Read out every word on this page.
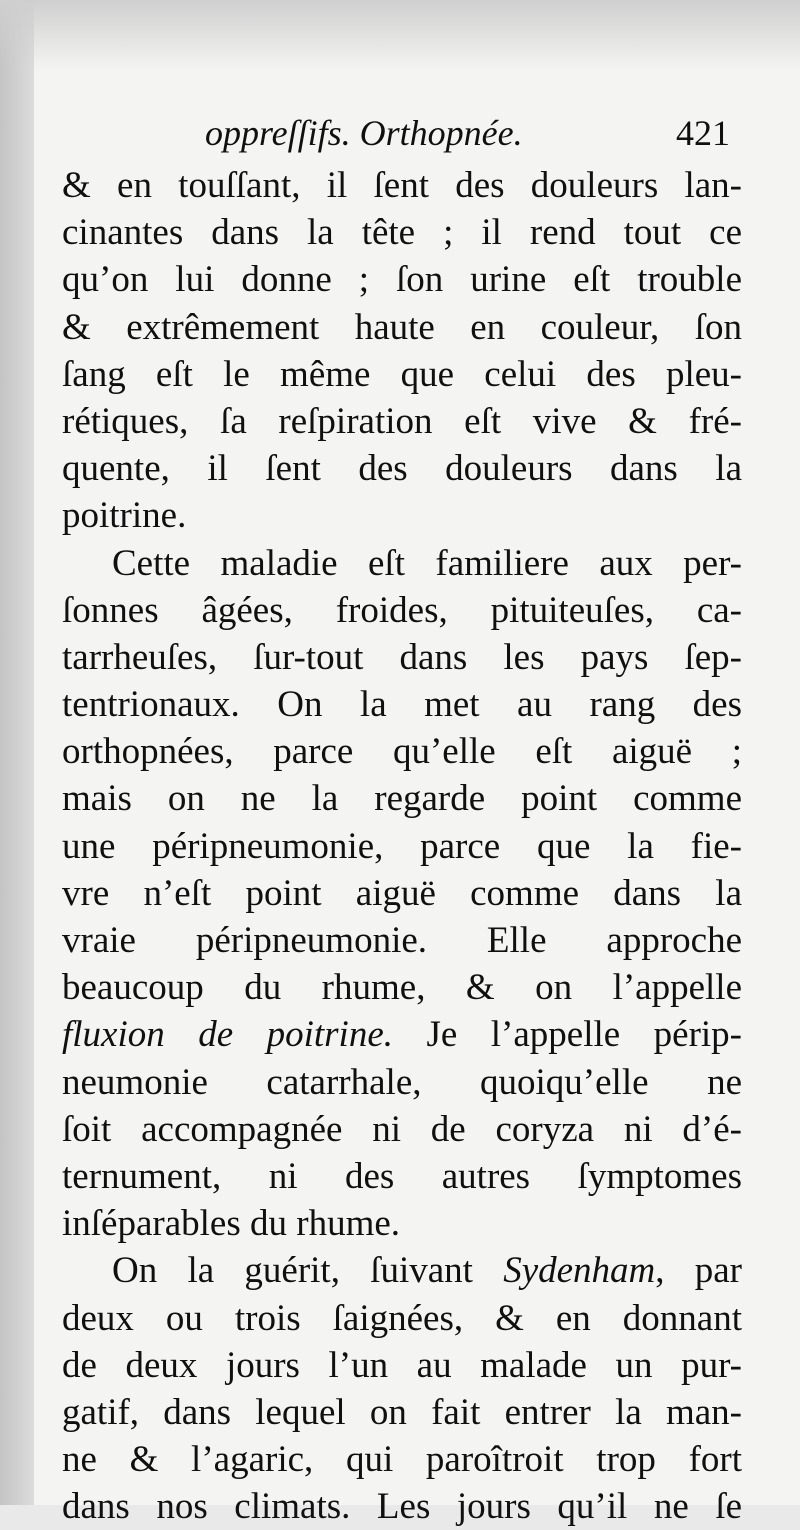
oppreſſifs. Orthopnée.	421
& en touſſant, il ſent des douleurs lan-
cinantes dans la tête ; il rend tout ce
qu’on lui donne ; ſon urine eſt trouble
& extrêmement haute en couleur, ſon
ſang eſt le même que celui des pleu-
rétiques, ſa reſpiration eſt vive & fré-
quente, il ſent des douleurs dans la
poitrine.
Cette maladie eſt familiere aux per-
ſonnes âgées, froides, pituiteuſes, ca-
tarrheuſes, ſur-tout dans les pays ſep-
tentrionaux. On la met au rang des
orthopnées, parce qu’elle eſt aiguë ;
mais on ne la regarde point comme
une péripneumonie, parce que la fie-
vre n’eſt point aiguë comme dans la
vraie péripneumonie. Elle approche
beaucoup du rhume, & on l’appelle
fluxion de poitrine. Je l’appelle périp-
neumonie catarrhale, quoiqu’elle ne
ſoit accompagnée ni de coryza ni d’é-
ternument, ni des autres ſymptomes
inſéparables du rhume.
On la guérit, ſuivant Sydenham, par
deux ou trois ſaignées, & en donnant
de deux jours l’un au malade un pur-
gatif, dans lequel on fait entrer la man-
ne & l’agaric, qui paroîtroit trop fort
dans nos climats. Les jours qu’il ne ſe
